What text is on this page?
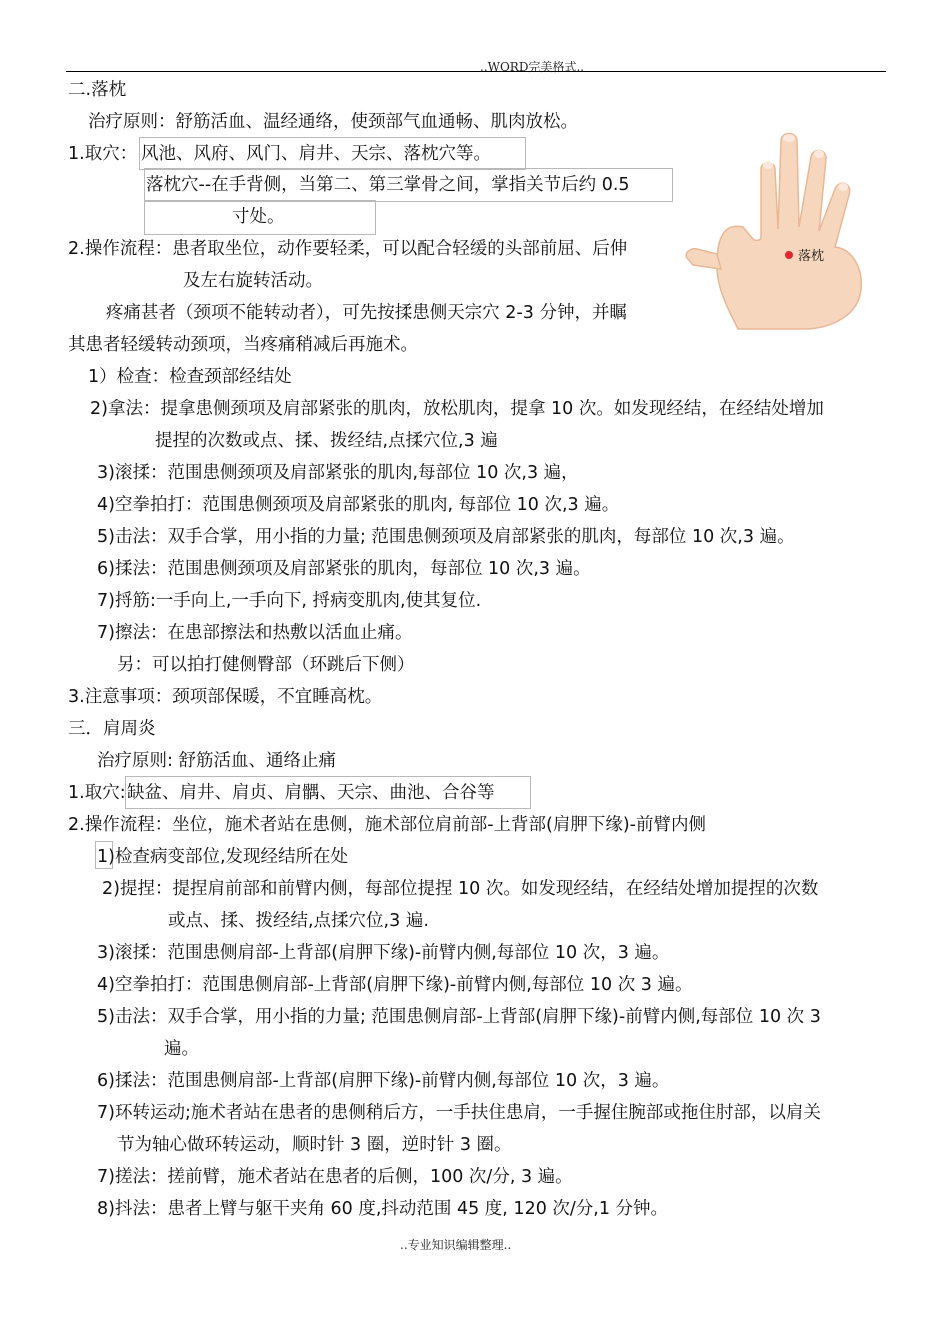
..WORD完美格式..
落枕
二.落枕
治疗原则：舒筋活血、温经通络，使颈部气血通畅、肌肉放松。
1.取穴： 风池、风府、风门、肩井、天宗、落枕穴等。
落枕穴--在手背侧，当第二、第三掌骨之间，掌指关节后约 0.5
寸处。
2.操作流程：患者取坐位，动作要轻柔，可以配合轻缓的头部前屈、后伸
及左右旋转活动。
疼痛甚者（颈项不能转动者），可先按揉患侧天宗穴 2-3 分钟，并瞩
其患者轻缓转动颈项，当疼痛稍减后再施术。
1）检查：检查颈部经结处
2)拿法：提拿患侧颈项及肩部紧张的肌肉，放松肌肉，提拿 10 次。如发现经结，在经结处增加
提捏的次数或点、揉、拨经结,点揉穴位,3 遍
3)滚揉：范围患侧颈项及肩部紧张的肌肉,每部位 10 次,3 遍，
4)空拳拍打：范围患侧颈项及肩部紧张的肌肉, 每部位 10 次,3 遍。
5)击法：双手合掌，用小指的力量; 范围患侧颈项及肩部紧张的肌肉，每部位 10 次,3 遍。
6)揉法：范围患侧颈项及肩部紧张的肌肉，每部位 10 次,3 遍。
7)捋筋:一手向上,一手向下, 捋病变肌肉,使其复位.
7)擦法：在患部擦法和热敷以活血止痛。
另：可以拍打健侧臀部（环跳后下侧）
3.注意事项：颈项部保暖，不宜睡高枕。
三．肩周炎
治疗原则: 舒筋活血、通络止痛
1.取穴: 缺盆、肩井、肩贞、肩髃、天宗、曲池、合谷等
2.操作流程：坐位，施术者站在患侧，施术部位肩前部-上背部(肩胛下缘)-前臂内侧
1) 检查病变部位,发现经结所在处
2)提捏：提捏肩前部和前臂内侧，每部位提捏 10 次。如发现经结，在经结处增加提捏的次数
或点、揉、拨经结,点揉穴位,3 遍.
3)滚揉：范围患侧肩部-上背部(肩胛下缘)-前臂内侧,每部位 10 次，3 遍。
4)空拳拍打：范围患侧肩部-上背部(肩胛下缘)-前臂内侧,每部位 10 次 3 遍。
5)击法：双手合掌，用小指的力量; 范围患侧肩部-上背部(肩胛下缘)-前臂内侧,每部位 10 次 3
遍。
6)揉法：范围患侧肩部-上背部(肩胛下缘)-前臂内侧,每部位 10 次，3 遍。
7)环转运动;施术者站在患者的患侧稍后方，一手扶住患肩，一手握住腕部或拖住肘部，以肩关
节为轴心做环转运动，顺时针 3 圈，逆时针 3 圈。
7)搓法：搓前臂，施术者站在患者的后侧，100 次/分, 3 遍。
8)抖法：患者上臂与躯干夹角 60 度,抖动范围 45 度, 120 次/分,1 分钟。
..专业知识编辑整理..
